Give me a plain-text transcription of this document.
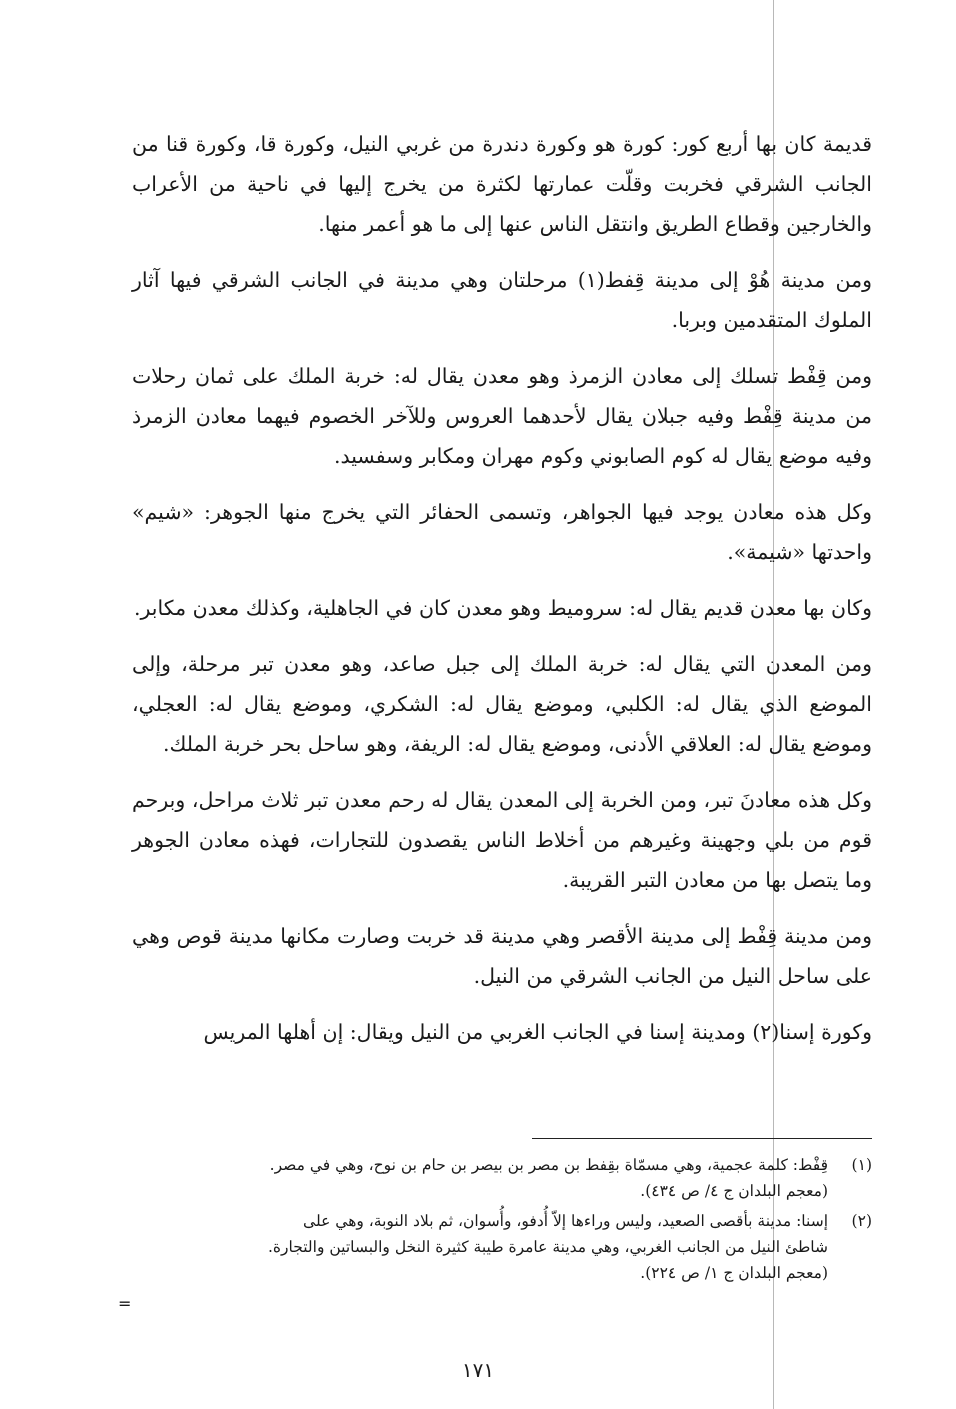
قديمة كان بها أربع كور: كورة هو وكورة دندرة من غربي النيل، وكورة قا، وكورة قنا من الجانب الشرقي فخربت وقلّت عمارتها لكثرة من يخرج إليها في ناحية من الأعراب والخارجين وقطاع الطريق وانتقل الناس عنها إلى ما هو أعمر منها.

ومن مدينة هُوْ إلى مدينة قِفط(١) مرحلتان وهي مدينة في الجانب الشرقي فيها آثار الملوك المتقدمين وبربا.

ومن قِفْط تسلك إلى معادن الزمرذ وهو معدن يقال له: خربة الملك على ثمان رحلات من مدينة قِفْط وفيه جبلان يقال لأحدهما العروس وللآخر الخصوم فيهما معادن الزمرذ وفيه موضع يقال له كوم الصابوني وكوم مهران ومكابر وسفسيد.

وكل هذه معادن يوجد فيها الجواهر، وتسمى الحفائر التي يخرج منها الجوهر: «شيم» واحدتها «شيمة».

وكان بها معدن قديم يقال له: سروميط وهو معدن كان في الجاهلية، وكذلك معدن مكابر.

ومن المعدن التي يقال له: خربة الملك إلى جبل صاعد، وهو معدن تبر مرحلة، وإلى الموضع الذي يقال له: الكلبي، وموضع يقال له: الشكري، وموضع يقال له: العجلي، وموضع يقال له: العلاقي الأدنى، وموضع يقال له: الريفة، وهو ساحل بحر خربة الملك.

وكل هذه معادنَ تبر، ومن الخربة إلى المعدن يقال له رحم معدن تبر ثلاث مراحل، وبرحم قوم من بلي وجهينة وغيرهم من أخلاط الناس يقصدون للتجارات، فهذه معادن الجوهر وما يتصل بها من معادن التبر القريبة.

ومن مدينة قِفْط إلى مدينة الأقصر وهي مدينة قد خربت وصارت مكانها مدينة قوص وهي على ساحل النيل من الجانب الشرقي من النيل.

وكورة إسنا(٢) ومدينة إسنا في الجانب الغربي من النيل ويقال: إن أهلها المريس

(١)
قِفْط: كلمة عجمية، وهي مسمّاة بقِفط بن مصر بن بيصر بن حام بن نوح، وهي في مصر.
(معجم البلدان ج ٤/ ص ٤٣٤).
(٢)
إسنا: مدينة بأقصى الصعيد، وليس وراءها إلاّ أُدفو، وأُسوان، ثم بلاد النوبة، وهي على
شاطئ النيل من الجانب الغربي، وهي مدينة عامرة طيبة كثيرة النخل والبساتين والتجارة.
(معجم البلدان ج ١/ ص ٢٢٤).
=
١٧١
